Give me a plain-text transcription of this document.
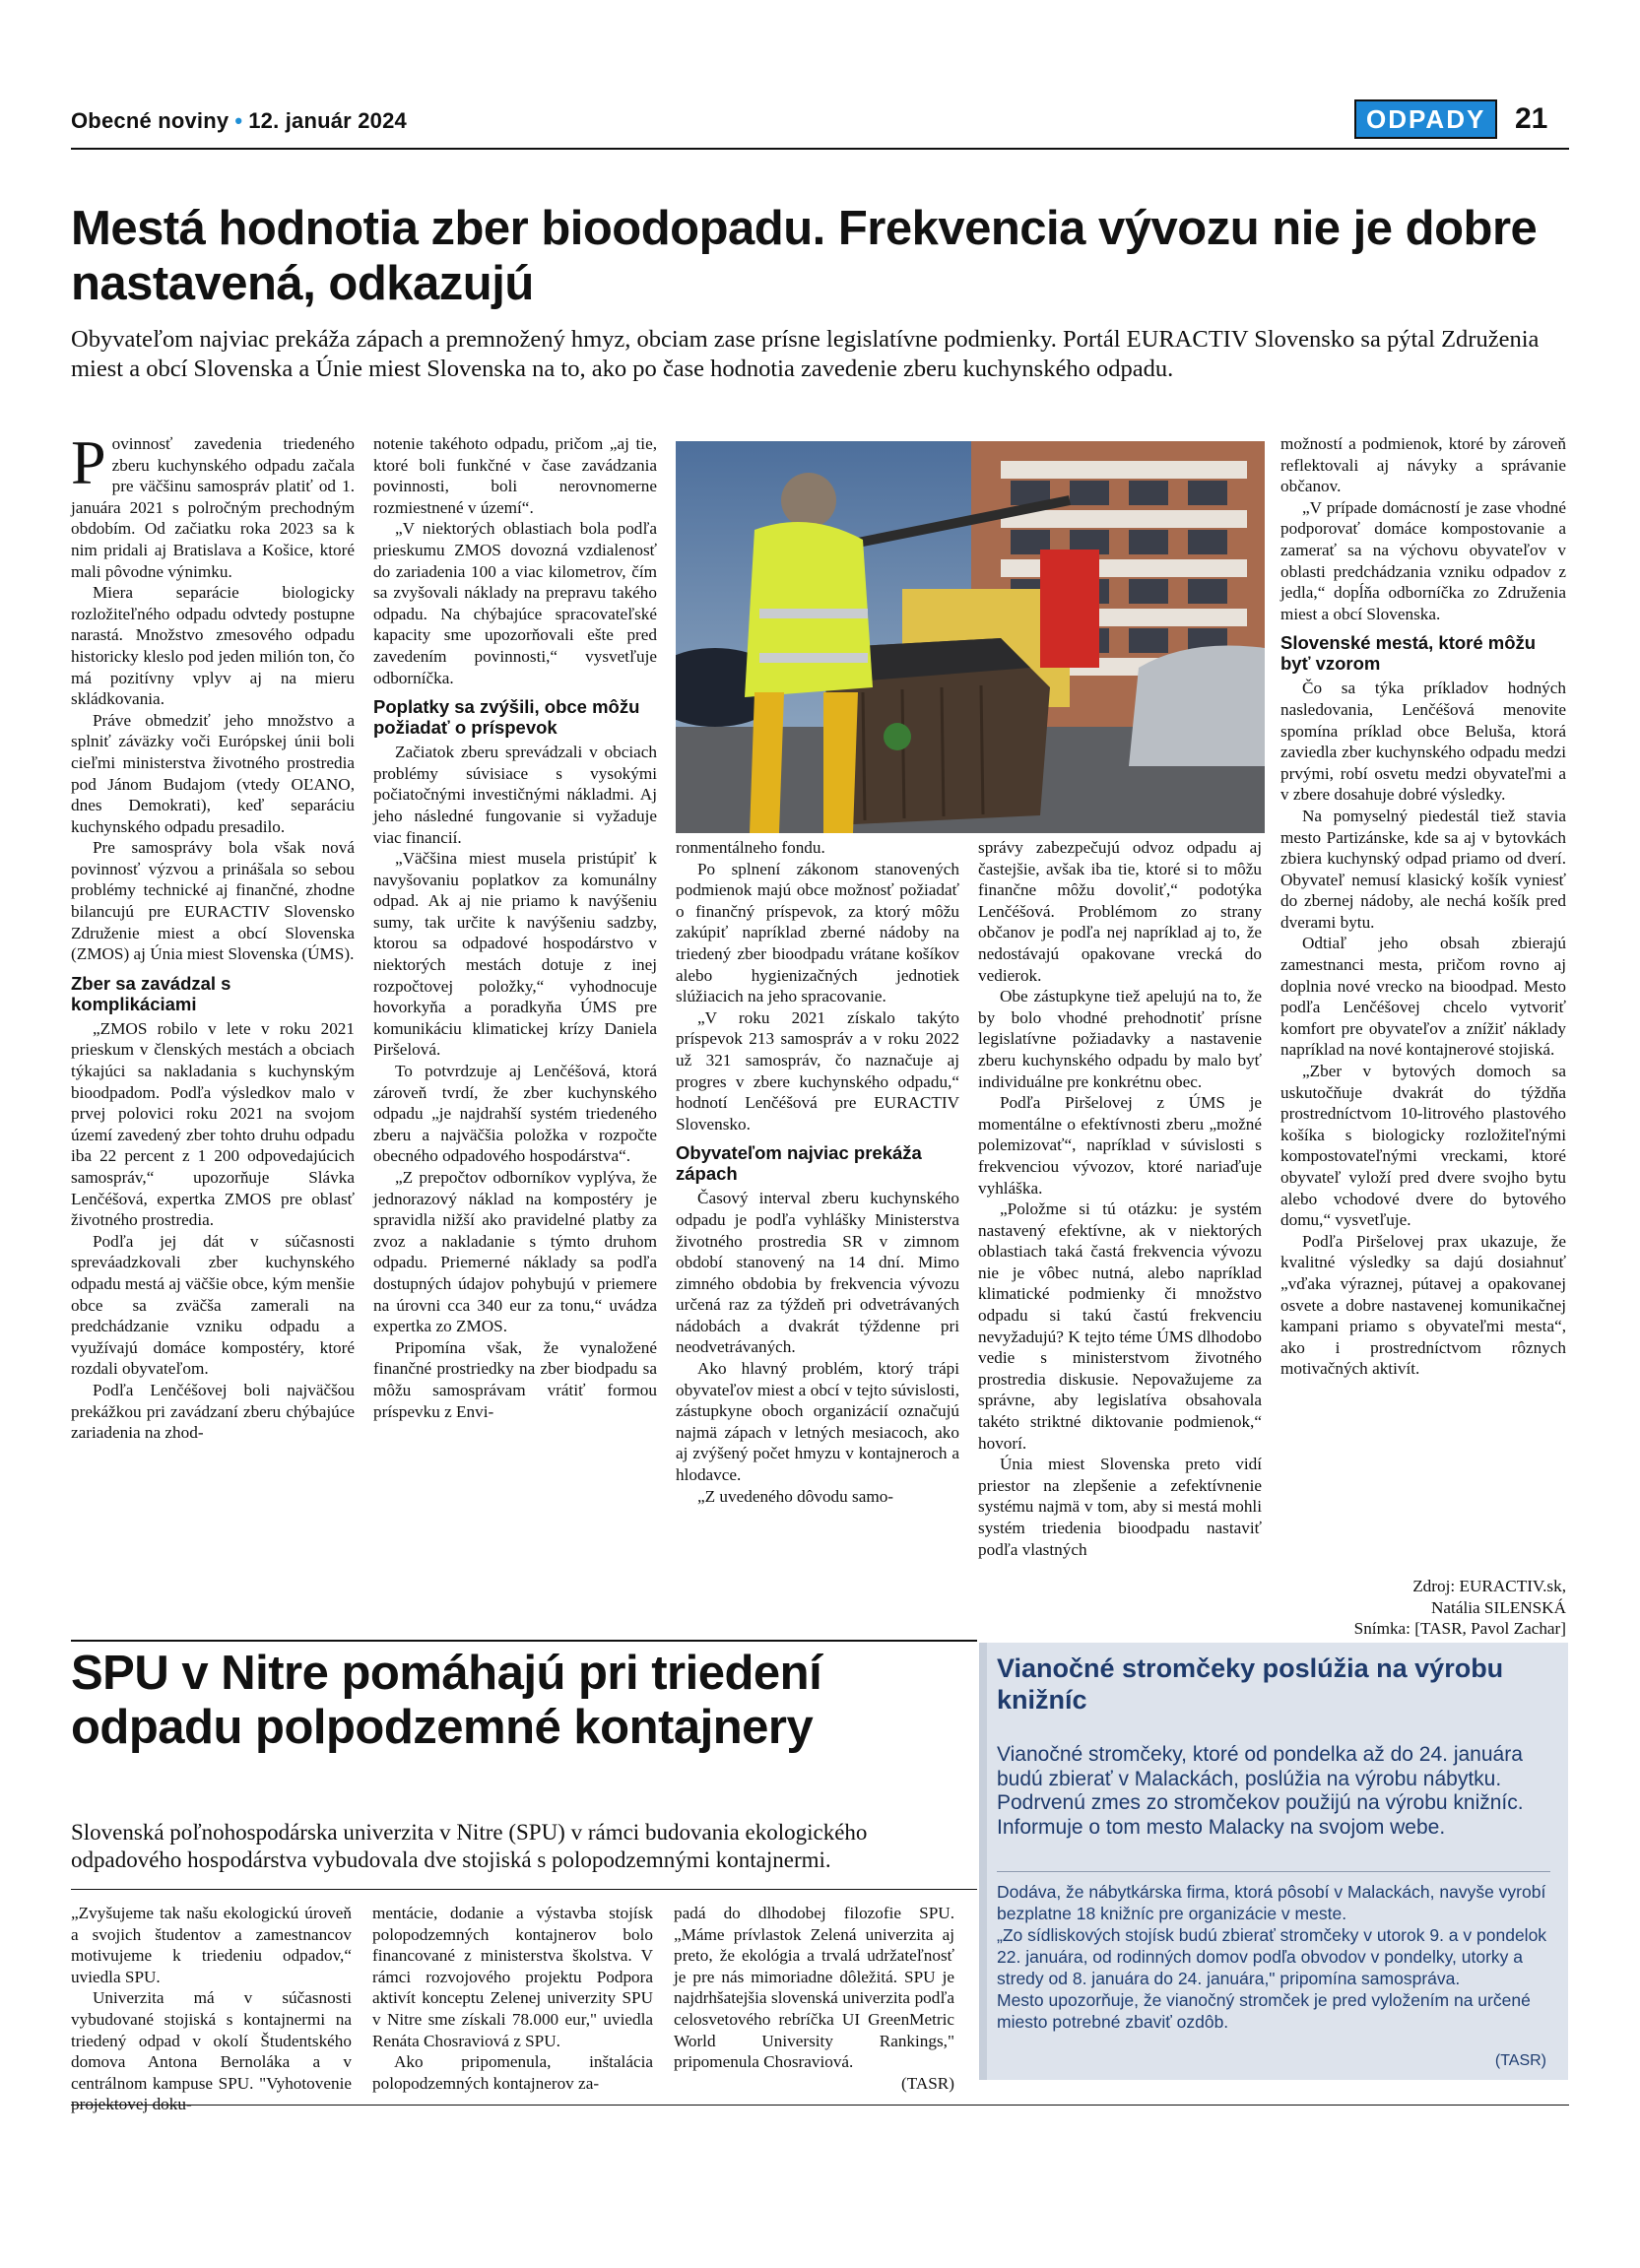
Obecné noviny • 12. január 2024	ODPADY 21
Mestá hodnotia zber bioodopadu. Frekvencia vývozu nie je dobre nastavená, odkazujú

Obyvateľom najviac prekáža zápach a premnožený hmyz, obciam zase prísne legislatívne podmienky. Portál EURACTIV Slovensko sa pýtal Združenia miest a obcí Slovenska a Únie miest Slovenska na to, ako po čase hodnotia zavedenie zberu kuchynského odpadu.

Povinnosť zavedenia triedeného zberu kuchynského odpadu začala pre väčšinu samospráv platiť od 1. januára 2021 s polročným prechodným obdobím. Od začiatku roka 2023 sa k nim pridali aj Bratislava a Košice, ktoré mali pôvodne výnimku.

Miera separácie biologicky rozložiteľného odpadu odvtedy postupne narastá. Množstvo zmesového odpadu historicky kleslo pod jeden milión ton, čo má pozitívny vplyv aj na mieru skládkovania.

Práve obmedziť jeho množstvo a splniť záväzky voči Európskej únii boli cieľmi ministerstva životného prostredia pod Jánom Budajom (vtedy OĽANO, dnes Demokrati), keď separáciu kuchynského odpadu presadilo.

Pre samosprávy bola však nová povinnosť výzvou a prinášala so sebou problémy technické aj finančné, zhodne bilancujú pre EURACTIV Slovensko Združenie miest a obcí Slovenska (ZMOS) aj Únia miest Slovenska (ÚMS).

Zber sa zavádzal s komplikáciami

„ZMOS robilo v lete v roku 2021 prieskum v členských mestách a obciach týkajúci sa nakladania s kuchynským bioodpadom. Podľa výsledkov malo v prvej polovici roku 2021 na svojom území zavedený zber tohto druhu odpadu iba 22 percent z 1 200 odpovedajúcich samospráv,“ upozorňuje Slávka Lenčéšová, expertka ZMOS pre oblasť životného prostredia.

Podľa jej dát v súčasnosti spreváadzkovali zber kuchynského odpadu mestá aj väčšie obce, kým menšie obce sa zväčša zamerali na predchádzanie vzniku odpadu a využívajú domáce kompostéry, ktoré rozdali obyvateľom.

Podľa Lenčéšovej boli najväčšou prekážkou pri zavádzaní zberu chýbajúce zariadenia na zhod-

notenie takéhoto odpadu, pričom „aj tie, ktoré boli funkčné v čase zavádzania povinnosti, boli nerovnomerne rozmiestnené v území“.

„V niektorých oblastiach bola podľa prieskumu ZMOS dovozná vzdialenosť do zariadenia 100 a viac kilometrov, čím sa zvyšovali náklady na prepravu takého odpadu. Na chýbajúce spracovateľské kapacity sme upozorňovali ešte pred zavedením povinnosti,“ vysvetľuje odborníčka.

Poplatky sa zvýšili, obce môžu požiadať o príspevok

Začiatok zberu sprevádzali v obciach problémy súvisiace s vysokými počiatočnými investičnými nákladmi. Aj jeho následné fungovanie si vyžaduje viac financií.

„Väčšina miest musela pristúpiť k navyšovaniu poplatkov za komunálny odpad. Ak aj nie priamo k navýšeniu sumy, tak určite k navýšeniu sadzby, ktorou sa odpadové hospodárstvo v niektorých mestách dotuje z inej rozpočtovej položky,“ vyhodnocuje hovorkyňa a poradkyňa ÚMS pre komunikáciu klimatickej krízy Daniela Piršelová.

To potvrdzuje aj Lenčéšová, ktorá zároveň tvrdí, že zber kuchynského odpadu „je najdrahší systém triedeného zberu a najväčšia položka v rozpočte obecného odpadového hospodárstva“.

„Z prepočtov odborníkov vyplýva, že jednorazový náklad na kompostéry je spravidla nižší ako pravidelné platby za zvoz a nakladanie s týmto druhom odpadu. Priemerné náklady sa podľa dostupných údajov pohybujú v priemere na úrovni cca 340 eur za tonu,“ uvádza expertka zo ZMOS.

Pripomína však, že vynaložené finančné prostriedky na zber biodpadu sa môžu samosprávam vrátiť formou príspevku z Envi-

ronmentálneho fondu.

Po splnení zákonom stanovených podmienok majú obce možnosť požiadať o finančný príspevok, za ktorý môžu zakúpiť napríklad zberné nádoby na triedený zber bioodpadu vrátane košíkov alebo hygienizačných jednotiek slúžiacich na jeho spracovanie.

„V roku 2021 získalo takýto príspevok 213 samospráv a v roku 2022 už 321 samospráv, čo naznačuje aj progres v zbere kuchynského odpadu,“ hodnotí Lenčéšová pre EURACTIV Slovensko.

Obyvateľom najviac prekáža zápach

Časový interval zberu kuchynského odpadu je podľa vyhlášky Ministerstva životného prostredia SR v zimnom období stanovený na 14 dní. Mimo zimného obdobia by frekvencia vývozu určená raz za týždeň pri odvetrávaných nádobách a dvakrát týždenne pri neodvetrávaných.

Ako hlavný problém, ktorý trápi obyvateľov miest a obcí v tejto súvislosti, zástupkyne oboch organizácií označujú najmä zápach v letných mesiacoch, ako aj zvýšený počet hmyzu v kontajneroch a hlodavce.

„Z uvedeného dôvodu samo-

správy zabezpečujú odvoz odpadu aj častejšie, avšak iba tie, ktoré si to môžu finančne môžu dovoliť,“ podotýka Lenčéšová. Problémom zo strany občanov je podľa nej napríklad aj to, že nedostávajú opakovane vrecká do vedierok.

Obe zástupkyne tiež apelujú na to, že by bolo vhodné prehodnotiť prísne legislatívne požiadavky a nastavenie zberu kuchynského odpadu by malo byť individuálne pre konkrétnu obec.

Podľa Piršelovej z ÚMS je momentálne o efektívnosti zberu „možné polemizovať“, napríklad v súvislosti s frekvenciou vývozov, ktoré nariaďuje vyhláška.

„Položme si tú otázku: je systém nastavený efektívne, ak v niektorých oblastiach taká častá frekvencia vývozu nie je vôbec nutná, alebo napríklad klimatické podmienky či množstvo odpadu si takú častú frekvenciu nevyžadujú? K tejto téme ÚMS dlhodobo vedie s ministerstvom životného prostredia diskusie. Nepovažujeme za správne, aby legislatíva obsahovala takéto striktné diktovanie podmienok,“ hovorí.

Únia miest Slovenska preto vidí priestor na zlepšenie a zefektívnenie systému najmä v tom, aby si mestá mohli systém triedenia bioodpadu nastaviť podľa vlastných

možností a podmienok, ktoré by zároveň reflektovali aj návyky a správanie občanov.

„V prípade domácností je zase vhodné podporovať domáce kompostovanie a zamerať sa na výchovu obyvateľov v oblasti predchádzania vzniku odpadov z jedla,“ dopĺňa odborníčka zo Združenia miest a obcí Slovenska.

Slovenské mestá, ktoré môžu byť vzorom

Čo sa týka príkladov hodných nasledovania, Lenčéšová menovite spomína príklad obce Beluša, ktorá zaviedla zber kuchynského odpadu medzi prvými, robí osvetu medzi obyvateľmi a v zbere dosahuje dobré výsledky.

Na pomyselný piedestál tiež stavia mesto Partizánske, kde sa aj v bytovkách zbiera kuchynský odpad priamo od dverí. Obyvateľ nemusí klasický košík vyniesť do zbernej nádoby, ale nechá košík pred dverami bytu.

Odtiaľ jeho obsah zbierajú zamestnanci mesta, pričom rovno aj doplnia nové vrecko na bioodpad. Mesto podľa Lenčéšovej chcelo vytvoriť komfort pre obyvateľov a znížiť náklady napríklad na nové kontajnerové stojiská.

„Zber v bytových domoch sa uskutočňuje dvakrát do týždňa prostredníctvom 10-litrového plastového košíka s biologicky rozložiteľnými kompostovateľnými vreckami, ktoré obyvateľ vyloží pred dvere svojho bytu alebo vchodové dvere do bytového domu,“ vysvetľuje.

Podľa Piršelovej prax ukazuje, že kvalitné výsledky sa dajú dosiahnuť „vďaka výraznej, pútavej a opakovanej osvete a dobre nastavenej komunikačnej kampani priamo s obyvateľmi mesta“, ako i prostredníctvom rôznych motivačných aktivít.

Zdroj: EURACTIV.sk,
Natália SILENSKÁ
Snímka: [TASR, Pavol Zachar]
SPU v Nitre pomáhajú pri triedení odpadu polpodzemné kontajnery

Slovenská poľnohospodárska univerzita v Nitre (SPU) v rámci budovania ekologického odpadového hospodárstva vybudovala dve stojiská s polopodzemnými kontajnermi.

„Zvyšujeme tak našu ekologickú úroveň a svojich študentov a zamestnancov motivujeme k triedeniu odpadov,“ uviedla SPU.

Univerzita má v súčasnosti vybudované stojiská s kontajnermi na triedený odpad v okolí Študentského domova Antona Bernoláka a v centrálnom kampuse SPU. "Vyhotovenie projektovej doku-

mentácie, dodanie a výstavba stojísk polopodzemných kontajnerov bolo financované z ministerstva školstva. V rámci rozvojového projektu Podpora aktivít konceptu Zelenej univerzity SPU v Nitre sme získali 78.000 eur," uviedla Renáta Chosraviová z SPU.

Ako pripomenula, inštalácia polopodzemných kontajnerov za-

padá do dlhodobej filozofie SPU. „Máme prívlastok Zelená univerzita aj preto, že ekológia a trvalá udržateľnosť je pre nás mimoriadne dôležitá. SPU je najdrhšatejšia slovenská univerzita podľa celosvetového rebríčka UI GreenMetric World University Rankings," pripomenula Chosraviová.

(TASR)
Vianočné stromčeky poslúžia na výrobu knižníc
Vianočné stromčeky, ktoré od pondelka až do 24. januára budú zbierať v Malackách, poslúžia na výrobu nábytku. Podrvenú zmes zo stromčekov použijú na výrobu knižníc. Informuje o tom mesto Malacky na svojom webe.
Dodáva, že nábytkárska firma, ktorá pôsobí v Malackách, navyše vyrobí bezplatne 18 knižníc pre organizácie v meste.
„Zo sídliskových stojísk budú zbierať stromčeky v utorok 9. a v pondelok 22. januára, od rodinných domov podľa obvodov v pondelky, utorky a stredy od 8. januára do 24. januára," pripomína samospráva.
Mesto upozorňuje, že vianočný stromček je pred vyložením na určené miesto potrebné zbaviť ozdôb.
(TASR)
